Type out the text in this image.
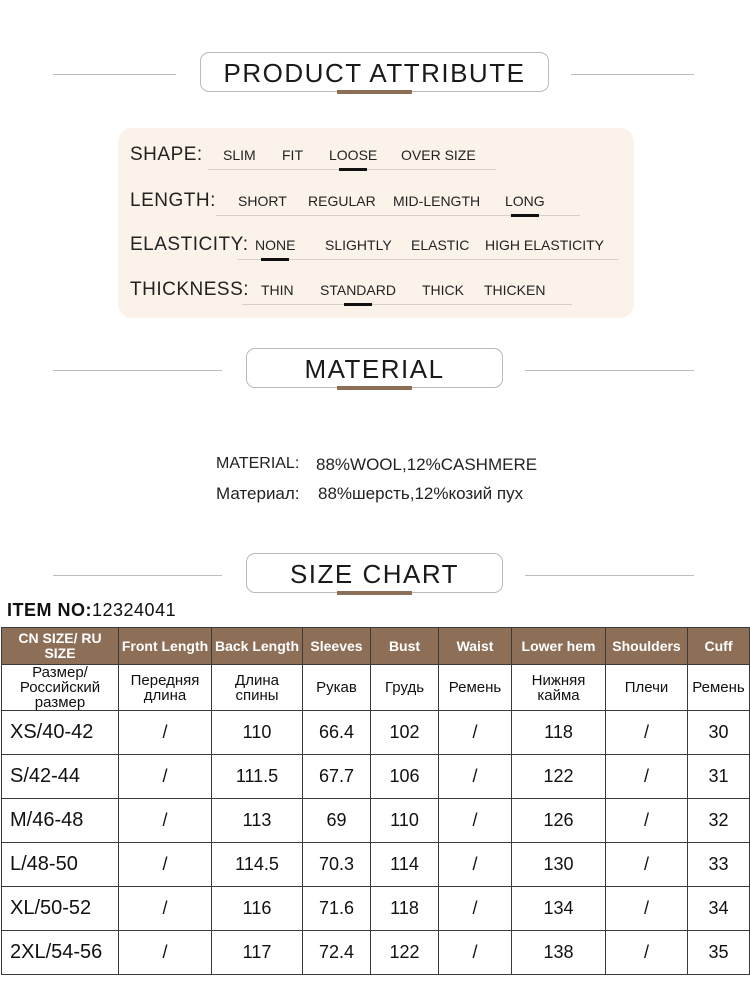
PRODUCT ATTRIBUTE
SHAPE: SLIM FIT LOOSE OVER SIZE
LENGTH: SHORT REGULAR MID-LENGTH LONG
ELASTICITY: NONE SLIGHTLY ELASTIC HIGH ELASTICITY
THICKNESS: THIN STANDARD THICK THICKEN
MATERIAL
MATERIAL: 88%WOOL,12%CASHMERE
Материал: 88%шерсть,12%козий пух
SIZE CHART
ITEM NO:12324041
CN SIZE/ RU SIZE	Front Length	Back Length	Sleeves	Bust	Waist	Lower hem	Shoulders	Cuff
Размер/ Российский размер	Передняя длина	Длина спины	Рукав	Грудь	Ремень	Нижняя кайма	Плечи	Ремень
XS/40-42	/	110	66.4	102	/	118	/	30
S/42-44	/	111.5	67.7	106	/	122	/	31
M/46-48	/	113	69	110	/	126	/	32
L/48-50	/	114.5	70.3	114	/	130	/	33
XL/50-52	/	116	71.6	118	/	134	/	34
2XL/54-56	/	117	72.4	122	/	138	/	35
